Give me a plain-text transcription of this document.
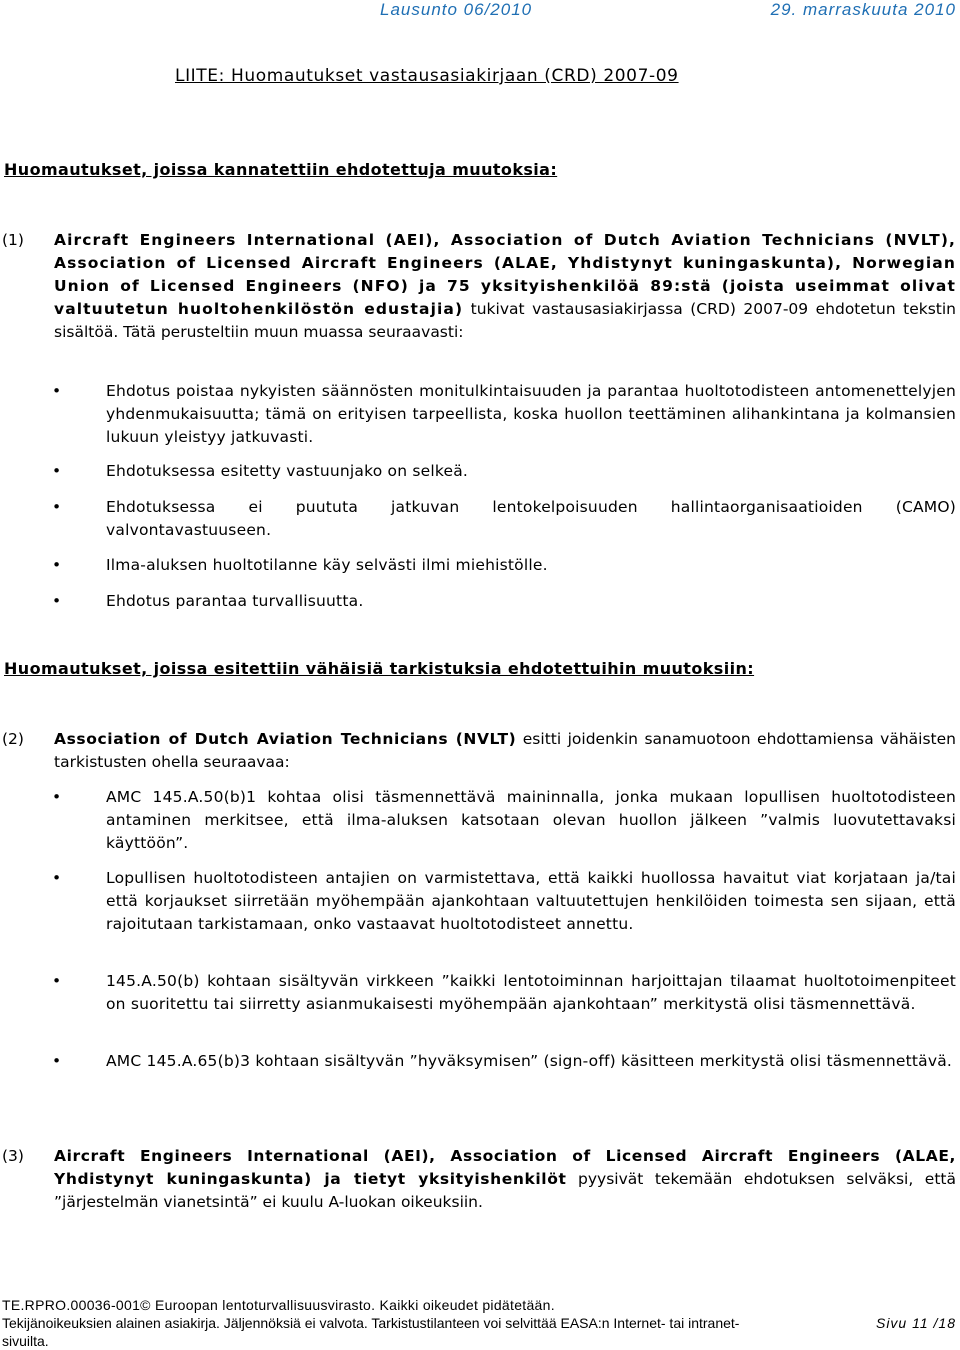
Lausunto 06/2010	29. marraskuuta 2010
LIITE: Huomautukset vastausasiakirjaan (CRD) 2007-09
Huomautukset, joissa kannatettiin ehdotettuja muutoksia:
(1) Aircraft Engineers International (AEI), Association of Dutch Aviation Technicians (NVLT), Association of Licensed Aircraft Engineers (ALAE, Yhdistynyt kuningaskunta), Norwegian Union of Licensed Engineers (NFO) ja 75 yksityishenkilöä 89:stä (joista useimmat olivat valtuutetun huoltohenkilöstön edustajia) tukivat vastausasiakirjassa (CRD) 2007-09 ehdotetun tekstin sisältöä. Tätä perusteltiin muun muassa seuraavasti:
•	Ehdotus poistaa nykyisten säännösten monitulkintaisuuden ja parantaa huoltotodisteen antomenettelyjen yhdenmukaisuutta; tämä on erityisen tarpeellista, koska huollon teettäminen alihankintana ja kolmansien lukuun yleistyy jatkuvasti.
•	Ehdotuksessa esitetty vastuunjako on selkeä.
•	Ehdotuksessa ei puututa jatkuvan lentokelpoisuuden hallintaorganisaatioiden (CAMO) valvontavastuuseen.
•	Ilma-aluksen huoltotilanne käy selvästi ilmi miehistölle.
•	Ehdotus parantaa turvallisuutta.
Huomautukset, joissa esitettiin vähäisiä tarkistuksia ehdotettuihin muutoksiin:
(2) Association of Dutch Aviation Technicians (NVLT) esitti joidenkin sanamuotoon ehdottamiensa vähäisten tarkistusten ohella seuraavaa:
•	AMC 145.A.50(b)1 kohtaa olisi täsmennettävä maininnalla, jonka mukaan lopullisen huoltotodisteen antaminen merkitsee, että ilma-aluksen katsotaan olevan huollon jälkeen ”valmis luovutettavaksi käyttöön”.
•	Lopullisen huoltotodisteen antajien on varmistettava, että kaikki huollossa havaitut viat korjataan ja/tai että korjaukset siirretään myöhempään ajankohtaan valtuutettujen henkilöiden toimesta sen sijaan, että rajoitutaan tarkistamaan, onko vastaavat huoltotodisteet annettu.
•	145.A.50(b) kohtaan sisältyvän virkkeen ”kaikki lentotoiminnan harjoittajan tilaamat huoltotoimenpiteet on suoritettu tai siirretty asianmukaisesti myöhempään ajankohtaan” merkitystä olisi täsmennettävä.
•	AMC 145.A.65(b)3 kohtaan sisältyvän ”hyväksymisen” (sign-off) käsitteen merkitystä olisi täsmennettävä.
(3) Aircraft Engineers International (AEI), Association of Licensed Aircraft Engineers (ALAE, Yhdistynyt kuningaskunta) ja tietyt yksityishenkilöt pyysivät tekemään ehdotuksen selväksi, että ”järjestelmän vianetsintä” ei kuulu A-luokan oikeuksiin.
TE.RPRO.00036-001© Euroopan lentoturvallisuusvirasto. Kaikki oikeudet pidätetään.
Tekijänoikeuksien alainen asiakirja. Jäljennöksiä ei valvota. Tarkistustilanteen voi selvittää EASA:n Internet- tai intranet-sivuilta.
Sivu 11 /18
